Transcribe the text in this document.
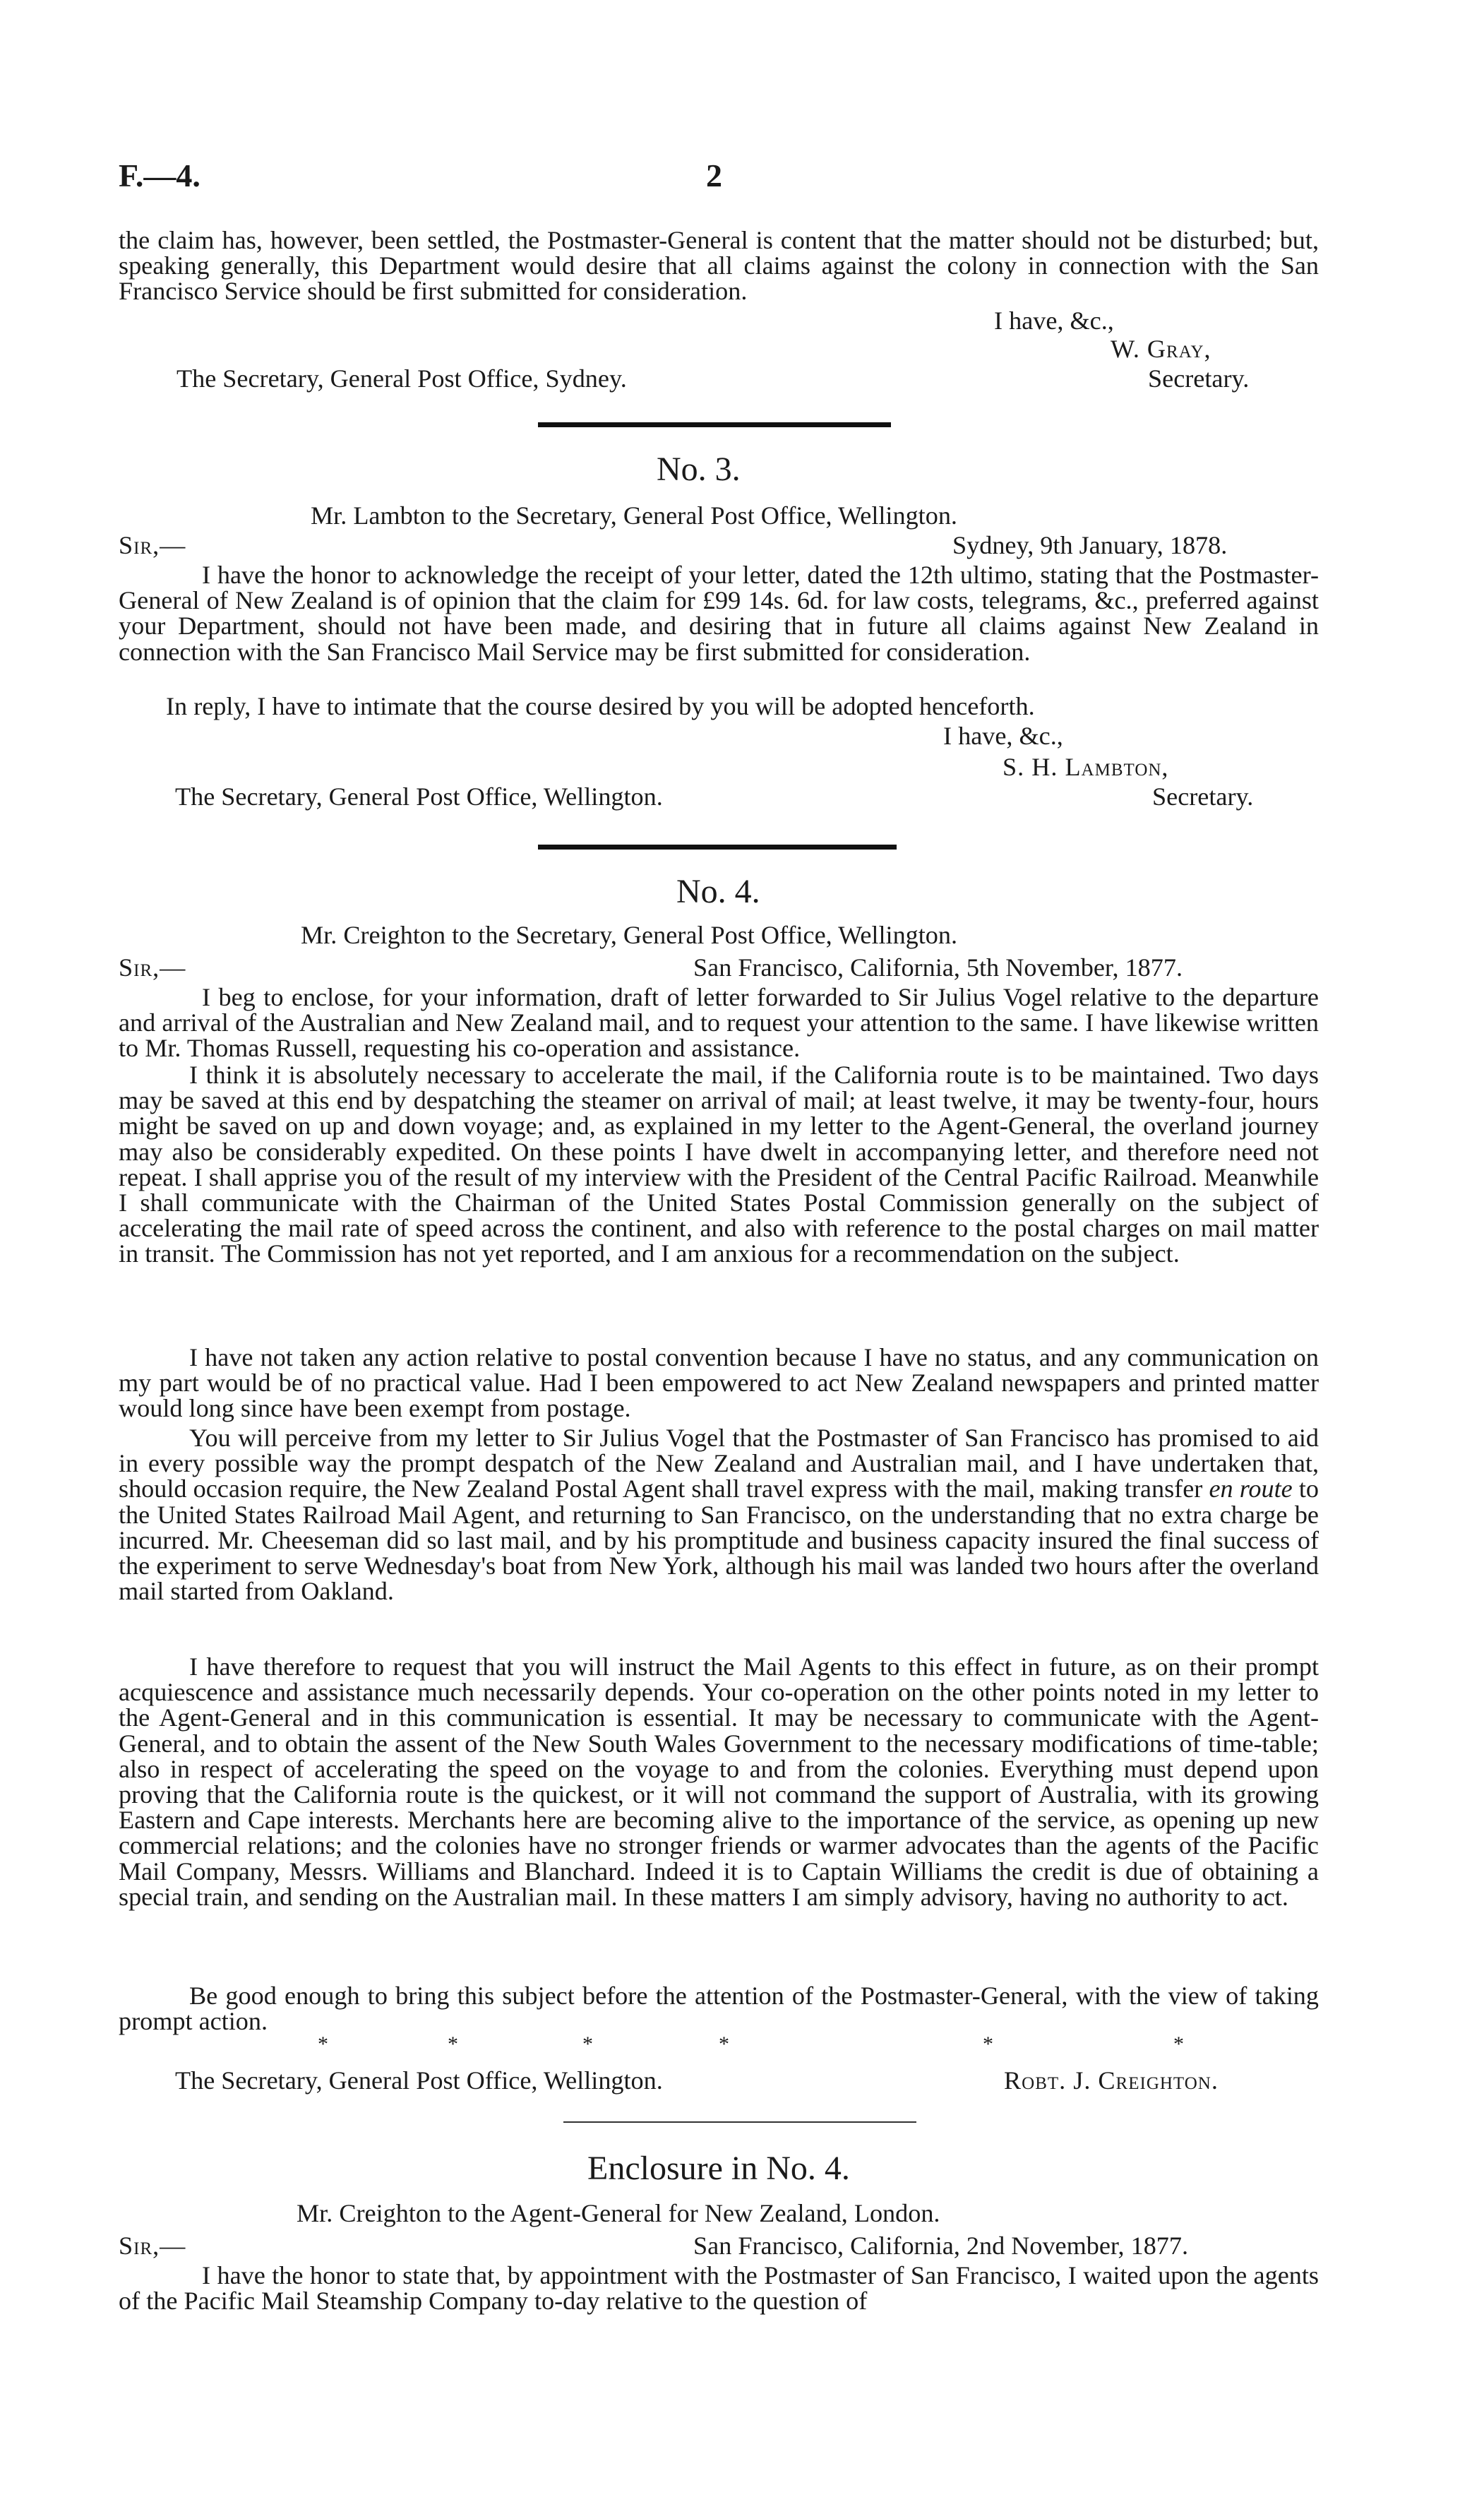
F.—4.	2
the claim has, however, been settled, the Postmaster-General is content that the matter should not be disturbed; but, speaking generally, this Department would desire that all claims against the colony in connection with the San Francisco Service should be first submitted for consideration.
I have, &c.,
W. Gray,
The Secretary, General Post Office, Sydney.	Secretary.
No. 3.
Mr. Lambton to the Secretary, General Post Office, Wellington.
Sir,—	Sydney, 9th January, 1878.
I have the honor to acknowledge the receipt of your letter, dated the 12th ultimo, stating that the Postmaster-General of New Zealand is of opinion that the claim for £99 14s. 6d. for law costs, telegrams, &c., preferred against your Department, should not have been made, and desiring that in future all claims against New Zealand in connection with the San Francisco Mail Service may be first submitted for consideration.
In reply, I have to intimate that the course desired by you will be adopted henceforth.
I have, &c.,
S. H. Lambton,
The Secretary, General Post Office, Wellington.	Secretary.
No. 4.
Mr. Creighton to the Secretary, General Post Office, Wellington.
Sir,—	San Francisco, California, 5th November, 1877.
I beg to enclose, for your information, draft of letter forwarded to Sir Julius Vogel relative to the departure and arrival of the Australian and New Zealand mail, and to request your attention to the same. I have likewise written to Mr. Thomas Russell, requesting his co-operation and assistance.
I think it is absolutely necessary to accelerate the mail, if the California route is to be maintained. Two days may be saved at this end by despatching the steamer on arrival of mail; at least twelve, it may be twenty-four, hours might be saved on up and down voyage; and, as explained in my letter to the Agent-General, the overland journey may also be considerably expedited. On these points I have dwelt in accompanying letter, and therefore need not repeat. I shall apprise you of the result of my interview with the President of the Central Pacific Railroad. Meanwhile I shall communicate with the Chairman of the United States Postal Commission generally on the subject of accelerating the mail rate of speed across the continent, and also with reference to the postal charges on mail matter in transit. The Commission has not yet reported, and I am anxious for a recommendation on the subject.
I have not taken any action relative to postal convention because I have no status, and any communication on my part would be of no practical value. Had I been empowered to act New Zealand newspapers and printed matter would long since have been exempt from postage.
You will perceive from my letter to Sir Julius Vogel that the Postmaster of San Francisco has promised to aid in every possible way the prompt despatch of the New Zealand and Australian mail, and I have undertaken that, should occasion require, the New Zealand Postal Agent shall travel express with the mail, making transfer en route to the United States Railroad Mail Agent, and returning to San Francisco, on the understanding that no extra charge be incurred. Mr. Cheeseman did so last mail, and by his promptitude and business capacity insured the final success of the experiment to serve Wednesday's boat from New York, although his mail was landed two hours after the overland mail started from Oakland.
I have therefore to request that you will instruct the Mail Agents to this effect in future, as on their prompt acquiescence and assistance much necessarily depends. Your co-operation on the other points noted in my letter to the Agent-General and in this communication is essential. It may be necessary to communicate with the Agent-General, and to obtain the assent of the New South Wales Government to the necessary modifications of time-table; also in respect of accelerating the speed on the voyage to and from the colonies. Everything must depend upon proving that the California route is the quickest, or it will not command the support of Australia, with its growing Eastern and Cape interests. Merchants here are becoming alive to the importance of the service, as opening up new commercial relations; and the colonies have no stronger friends or warmer advocates than the agents of the Pacific Mail Company, Messrs. Williams and Blanchard. Indeed it is to Captain Williams the credit is due of obtaining a special train, and sending on the Australian mail. In these matters I am simply advisory, having no authority to act.
Be good enough to bring this subject before the attention of the Postmaster-General, with the view of taking prompt action.
*	*	*	*	*	*
The Secretary, General Post Office, Wellington.	Robt. J. Creighton.
Enclosure in No. 4.
Mr. Creighton to the Agent-General for New Zealand, London.
Sir,—	San Francisco, California, 2nd November, 1877.
I have the honor to state that, by appointment with the Postmaster of San Francisco, I waited upon the agents of the Pacific Mail Steamship Company to-day relative to the question of
